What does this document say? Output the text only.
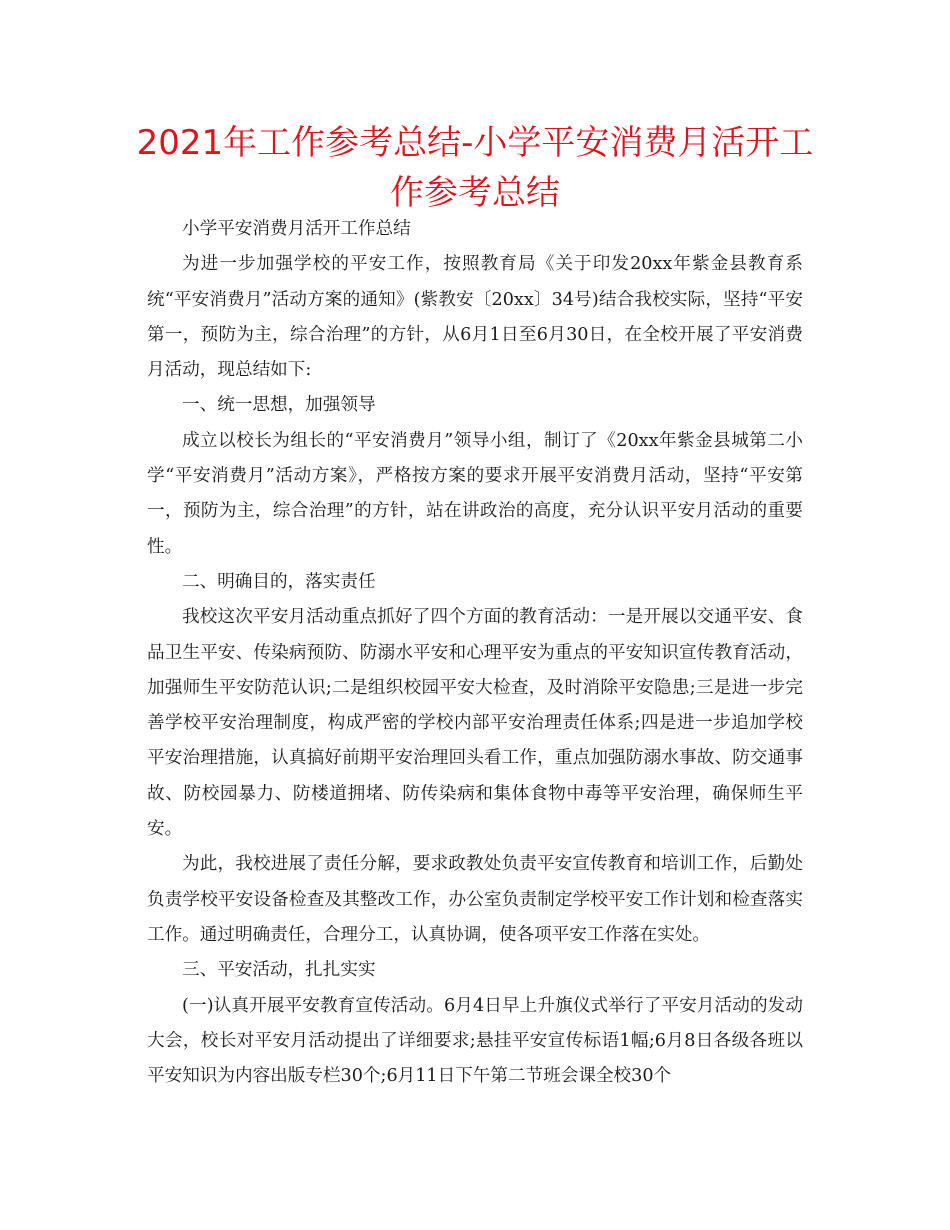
2021年工作参考总结-小学平安消费月活开工作参考总结

小学平安消费月活开工作总结

为进一步加强学校的平安工作，按照教育局《关于印发20xx年紫金县教育系统“平安消费月”活动方案的通知》(紫教安〔20xx〕34号)结合我校实际，坚持“平安第一，预防为主，综合治理”的方针，从6月1日至6月30日，在全校开展了平安消费月活动，现总结如下:

一、统一思想，加强领导

成立以校长为组长的“平安消费月”领导小组，制订了《20xx年紫金县城第二小学“平安消费月”活动方案》，严格按方案的要求开展平安消费月活动，坚持“平安第一，预防为主，综合治理”的方针，站在讲政治的高度，充分认识平安月活动的重要性。

二、明确目的，落实责任

我校这次平安月活动重点抓好了四个方面的教育活动：一是开展以交通平安、食品卫生平安、传染病预防、防溺水平安和心理平安为重点的平安知识宣传教育活动，加强师生平安防范认识;二是组织校园平安大检查，及时消除平安隐患;三是进一步完善学校平安治理制度，构成严密的学校内部平安治理责任体系;四是进一步追加学校平安治理措施，认真搞好前期平安治理回头看工作，重点加强防溺水事故、防交通事故、防校园暴力、防楼道拥堵、防传染病和集体食物中毒等平安治理，确保师生平安。

为此，我校进展了责任分解，要求政教处负责平安宣传教育和培训工作，后勤处负责学校平安设备检查及其整改工作，办公室负责制定学校平安工作计划和检查落实工作。通过明确责任，合理分工，认真协调，使各项平安工作落在实处。

三、平安活动，扎扎实实

(一)认真开展平安教育宣传活动。6月4日早上升旗仪式举行了平安月活动的发动大会，校长对平安月活动提出了详细要求;悬挂平安宣传标语1幅;6月8日各级各班以平安知识为内容出版专栏30个;6月11日下午第二节班会课全校30个
